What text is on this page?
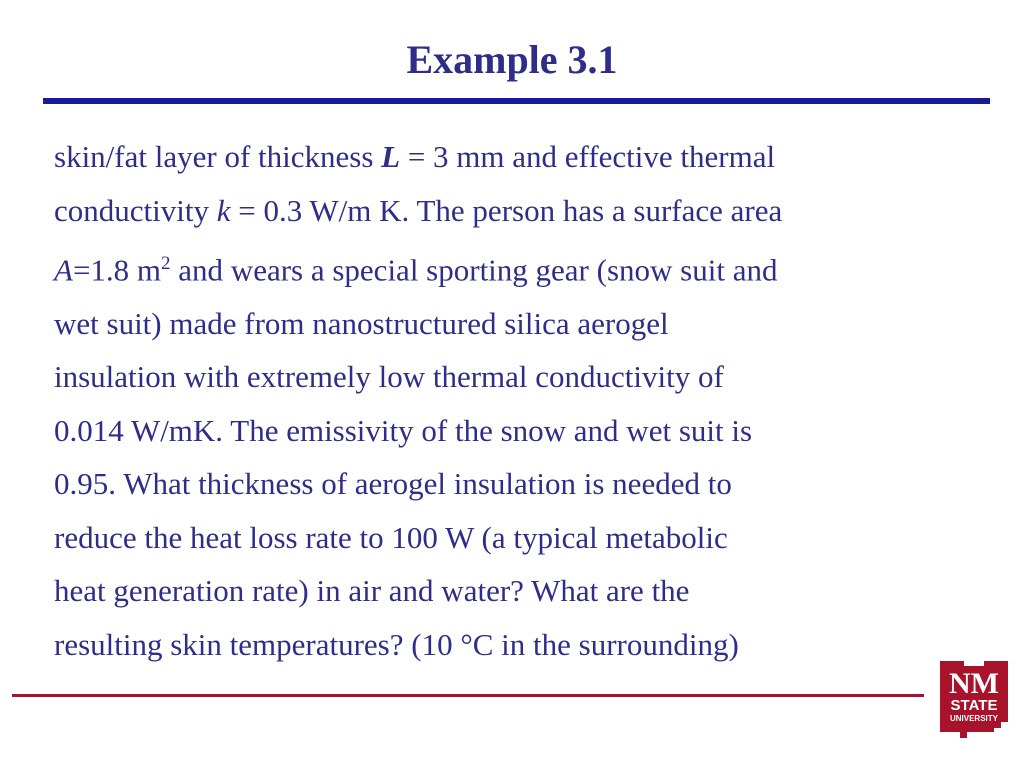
Example 3.1
skin/fat layer of thickness L = 3 mm and effective thermal
conductivity k = 0.3 W/m K. The person has a surface area
A=1.8 $m^2$ and wears a special sporting gear (snow suit and
wet suit) made from nanostructured silica aerogel
insulation with extremely low thermal conductivity of
0.014 W/mK. The emissivity of the snow and wet suit is
0.95. What thickness of aerogel insulation is needed to
reduce the heat loss rate to 100 W (a typical metabolic
heat generation rate) in air and water? What are the
resulting skin temperatures? (10 °C in the surrounding)
NM
STATE
UNIVERSITY
